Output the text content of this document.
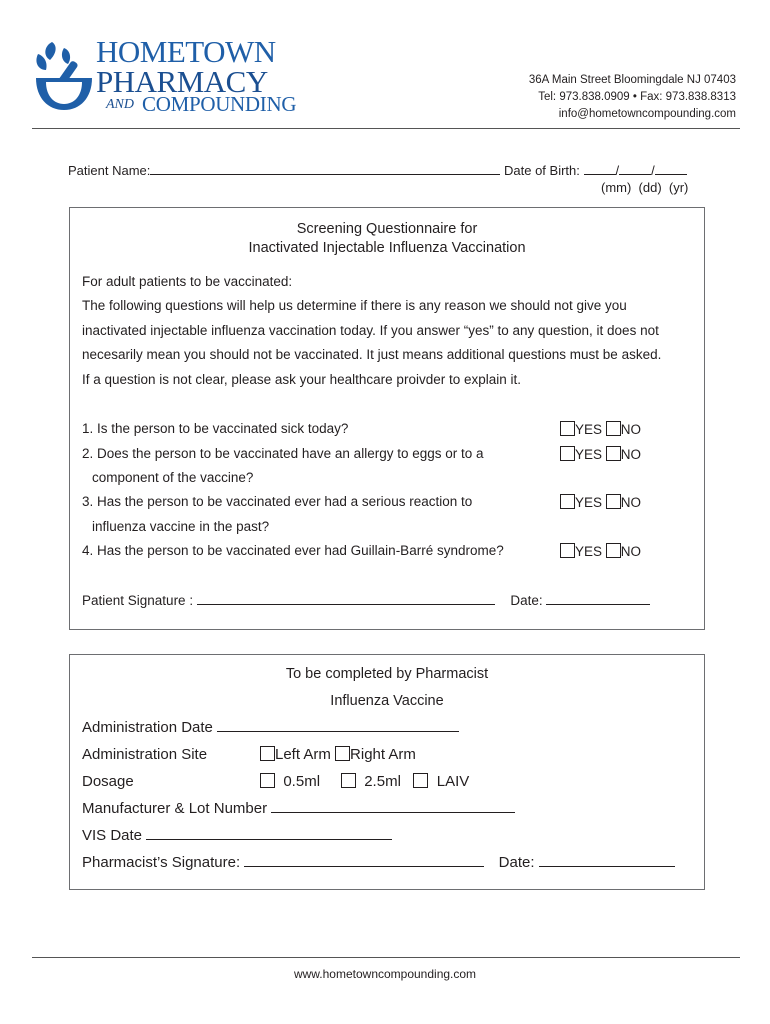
HOMETOWN
PHARMACY
AND COMPOUNDING
36A Main Street Bloomingdale NJ 07403
Tel: 973.838.0909 • Fax: 973.838.8313
info@hometowncompounding.com
Patient Name:	Date of Birth:	/ /
(mm)  (dd)  (yr)
Screening Questionnaire for
Inactivated Injectable Influenza Vaccination
For adult patients to be vaccinated:
The following questions will help us determine if there is any reason we should not give you
inactivated injectable influenza vaccination today. If you answer “yes” to any question, it does not
necesarily mean you should not be vaccinated. It just means additional questions must be asked.
If a question is not clear, please ask your healthcare proivder to explain it.
1. Is the person to be vaccinated sick today?	YES NO
2. Does the person to be vaccinated have an allergy to eggs or to a
component of the vaccine?
YES NO
3. Has the person to be vaccinated ever had a serious reaction to
influenza vaccine in the past?
YES NO
4. Has the person to be vaccinated ever had Guillain-Barré syndrome?	YES NO
Patient Signature :	Date:
To be completed by Pharmacist
Influenza Vaccine
Administration Date
Administration Site	Left Arm Right Arm
Dosage	0.5ml	2.5ml LAIV
Manufacturer & Lot Number
VIS Date
Pharmacist’s Signature:	Date:
www.hometowncompounding.com
